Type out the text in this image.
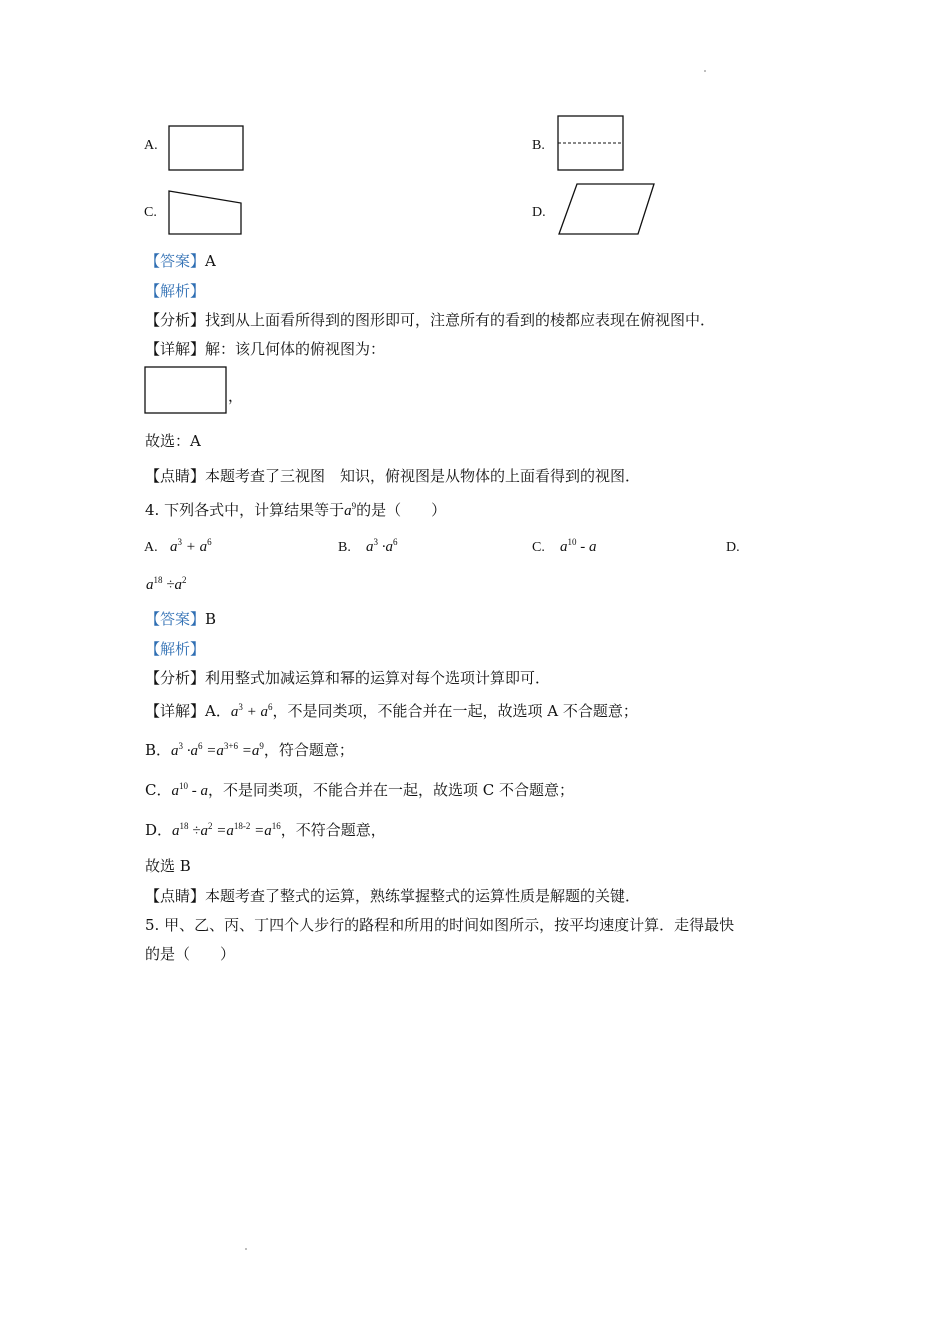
A.	B.
C.	D.
【答案】A
【解析】
【分析】找到从上面看所得到的图形即可，注意所有的看到的棱都应表现在俯视图中．
【详解】解：该几何体的俯视图为：
，
故选：A
【点睛】本题考查了三视图　知识，俯视图是从物体的上面看得到的视图．
4. 下列各式中，计算结果等于$a^9$的是（　　）
A. $a^3 + a^6$	B. $a^3 \cdot a^6$	C. $a^{10}$ - a	D.
$a^{18} \div a^2$
【答案】B
【解析】
【分析】利用整式加减运算和幂的运算对每个选项计算即可．
【详解】A．$a^3 + a^6$，不是同类项，不能合并在一起，故选项 A 不合题意；
B．$a^3 \cdot a^6 =a^{3+6} =a^9$，符合题意；
C．$a^{10}$ - a，不是同类项，不能合并在一起，故选项 C 不合题意；
D．$a^{18} \div a^2 =a^{18-2} =a^{16}$，不符合题意，
故选 B
【点睛】本题考查了整式的运算，熟练掌握整式的运算性质是解题的关键．
5. 甲、乙、丙、丁四个人步行的路程和所用的时间如图所示，按平均速度计算．走得最快
的是（　　）
